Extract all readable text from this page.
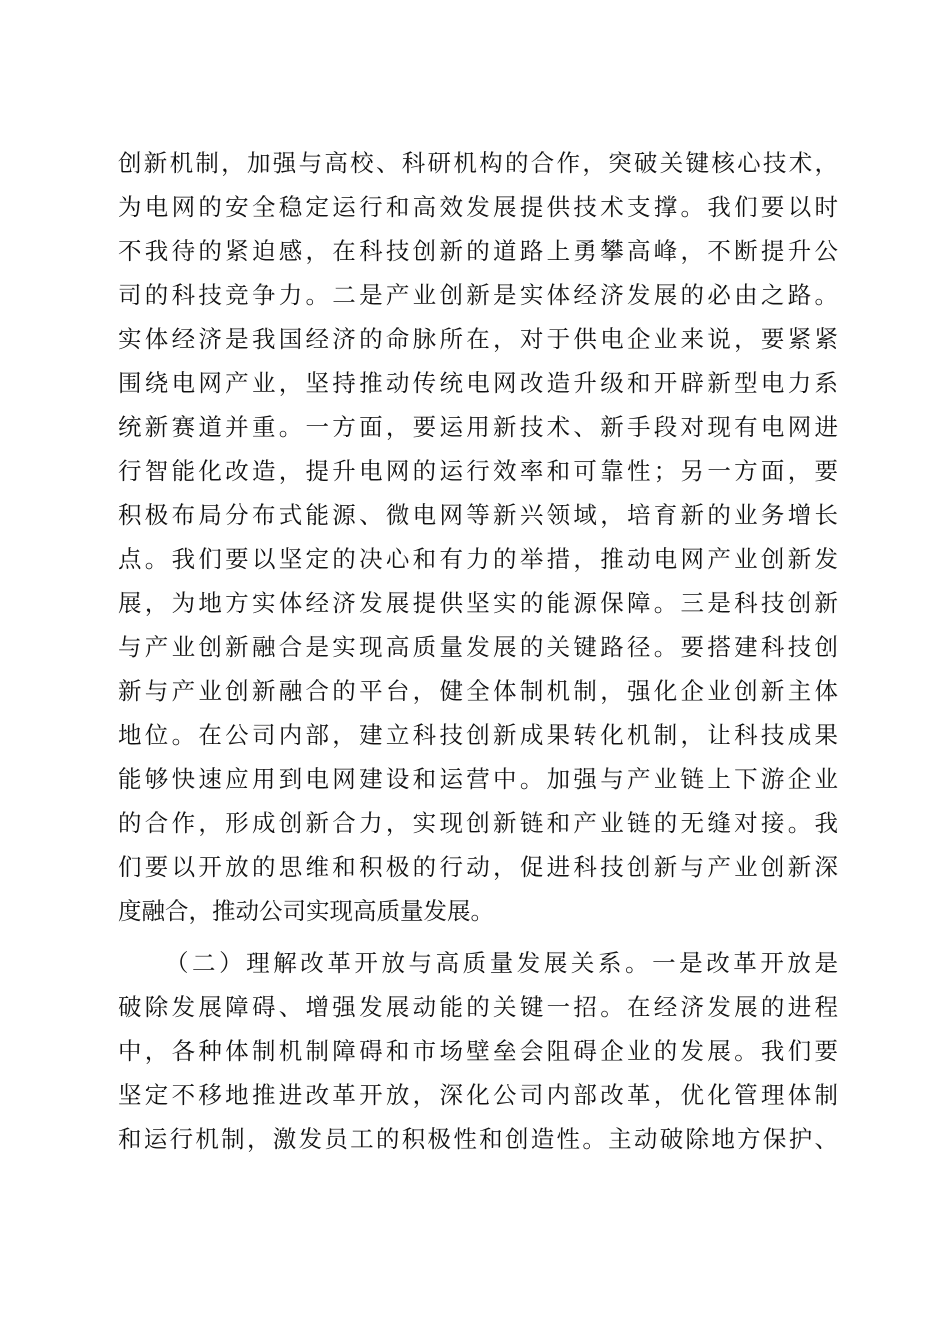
创新机制，加强与高校、科研机构的合作，突破关键核心技术，
为电网的安全稳定运行和高效发展提供技术支撑。我们要以时
不我待的紧迫感，在科技创新的道路上勇攀高峰，不断提升公
司的科技竞争力。二是产业创新是实体经济发展的必由之路。
实体经济是我国经济的命脉所在，对于供电企业来说，要紧紧
围绕电网产业，坚持推动传统电网改造升级和开辟新型电力系
统新赛道并重。一方面，要运用新技术、新手段对现有电网进
行智能化改造，提升电网的运行效率和可靠性；另一方面，要
积极布局分布式能源、微电网等新兴领域，培育新的业务增长
点。我们要以坚定的决心和有力的举措，推动电网产业创新发
展，为地方实体经济发展提供坚实的能源保障。三是科技创新
与产业创新融合是实现高质量发展的关键路径。要搭建科技创
新与产业创新融合的平台，健全体制机制，强化企业创新主体
地位。在公司内部，建立科技创新成果转化机制，让科技成果
能够快速应用到电网建设和运营中。加强与产业链上下游企业
的合作，形成创新合力，实现创新链和产业链的无缝对接。我
们要以开放的思维和积极的行动，促进科技创新与产业创新深
度融合，推动公司实现高质量发展。
（二）理解改革开放与高质量发展关系。一是改革开放是
破除发展障碍、增强发展动能的关键一招。在经济发展的进程
中，各种体制机制障碍和市场壁垒会阻碍企业的发展。我们要
坚定不移地推进改革开放，深化公司内部改革，优化管理体制
和运行机制，激发员工的积极性和创造性。主动破除地方保护、
